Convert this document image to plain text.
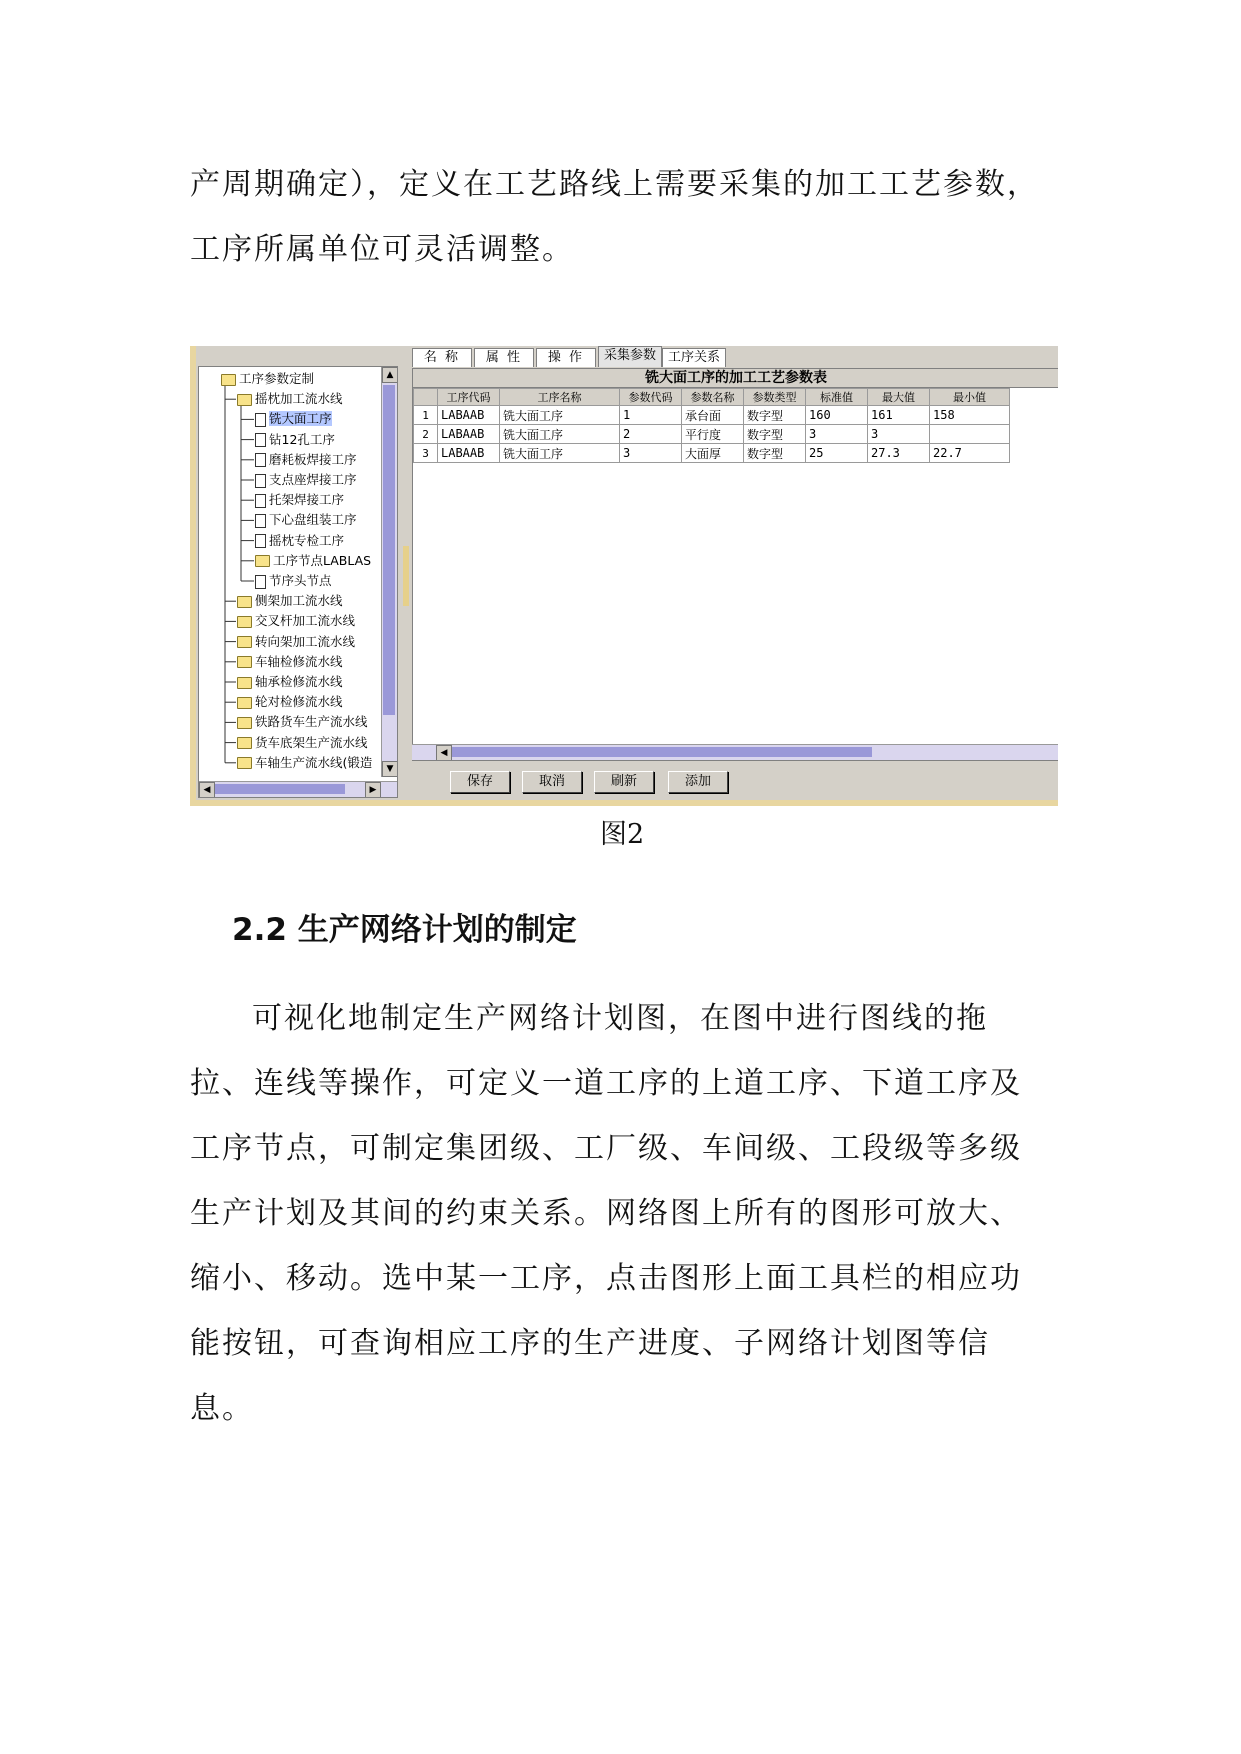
产周期确定），定义在工艺路线上需要采集的加工工艺参数，工序所属单位可灵活调整。
▲
▼
◀	▶
工序参数定制
摇枕加工流水线
铣大面工序
钻12孔工序
磨耗板焊接工序
支点座焊接工序
托架焊接工序
下心盘组装工序
摇枕专检工序
工序节点LABLAS
节序头节点
侧架加工流水线
交叉杆加工流水线
转向架加工流水线
车轴检修流水线
轴承检修流水线
轮对检修流水线
铁路货车生产流水线
货车底架生产流水线
车轴生产流水线(锻造
名 称	属 性	操 作	采集参数 工序关系
铣大面工序的加工工艺参数表
	工序代码	工序名称	参数代码	参数名称	参数类型	标准值	最大值	最小值
1	LABAAB	铣大面工序	1	承台面	数字型	160	161	158
2	LABAAB	铣大面工序	2	平行度	数字型	3	3	
3	LABAAB	铣大面工序	3	大面厚	数字型	25	27.3	22.7
◀
保存	取消	刷新	添加
图2
2.2 生产网络计划的制定
可视化地制定生产网络计划图，在图中进行图线的拖拉、连线等操作，可定义一道工序的上道工序、下道工序及工序节点，可制定集团级、工厂级、车间级、工段级等多级生产计划及其间的约束关系。网络图上所有的图形可放大、缩小、移动。选中某一工序，点击图形上面工具栏的相应功能按钮，可查询相应工序的生产进度、子网络计划图等信息。
